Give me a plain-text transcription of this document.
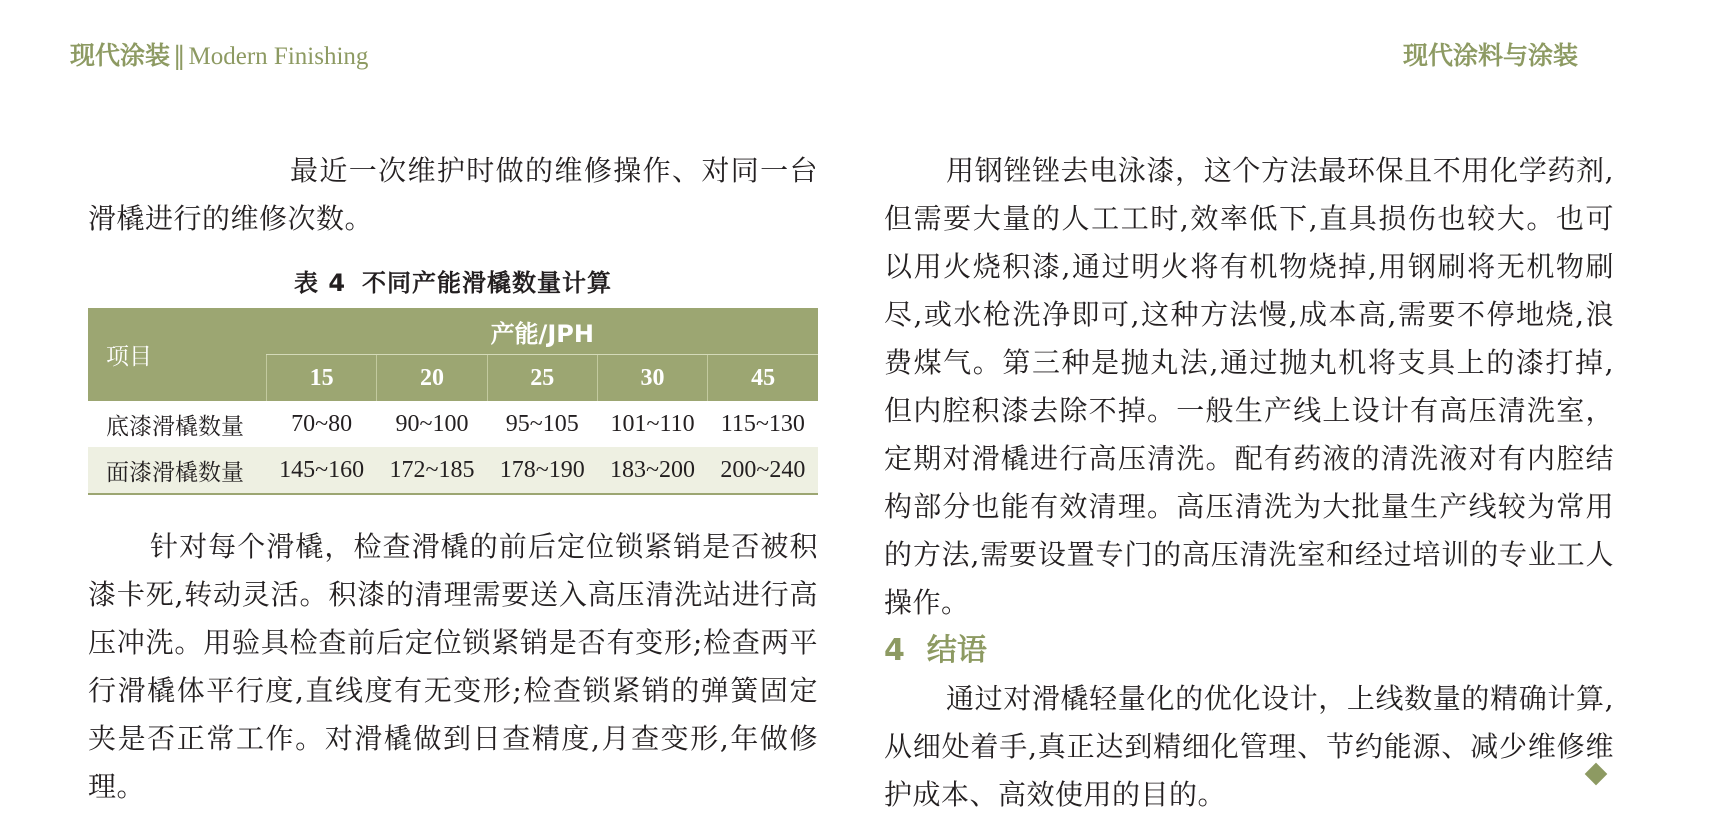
现代涂装 ‖ Modern Finishing	现代涂料与涂装

最近一次维护时做的维修操作、对同一台滑橇进行的维修次数。

表 4 不同产能滑橇数量计算
项目	产能/JPH				
	15	20	25	30	45
底漆滑橇数量	70~80	90~100	95~105	101~110	115~130
面漆滑橇数量	145~160	172~185	178~190	183~200	200~240

针对每个滑橇，检查滑橇的前后定位锁紧销是否被积漆卡死,转动灵活。积漆的清理需要送入高压清洗站进行高压冲洗。用验具检查前后定位锁紧销是否有变形;检查两平行滑橇体平行度,直线度有无变形;检查锁紧销的弹簧固定夹是否正常工作。对滑橇做到日查精度,月查变形,年做修理。

用钢锉锉去电泳漆，这个方法最环保且不用化学药剂,但需要大量的人工工时,效率低下,直具损伤也较大。也可以用火烧积漆,通过明火将有机物烧掉,用钢刷将无机物刷尽,或水枪洗净即可,这种方法慢,成本高,需要不停地烧,浪费煤气。第三种是抛丸法,通过抛丸机将支具上的漆打掉,但内腔积漆去除不掉。一般生产线上设计有高压清洗室，定期对滑橇进行高压清洗。配有药液的清洗液对有内腔结构部分也能有效清理。高压清洗为大批量生产线较为常用的方法,需要设置专门的高压清洗室和经过培训的专业工人操作。

4 结语

通过对滑橇轻量化的优化设计，上线数量的精确计算,从细处着手,真正达到精细化管理、节约能源、减少维修维护成本、高效使用的目的。
